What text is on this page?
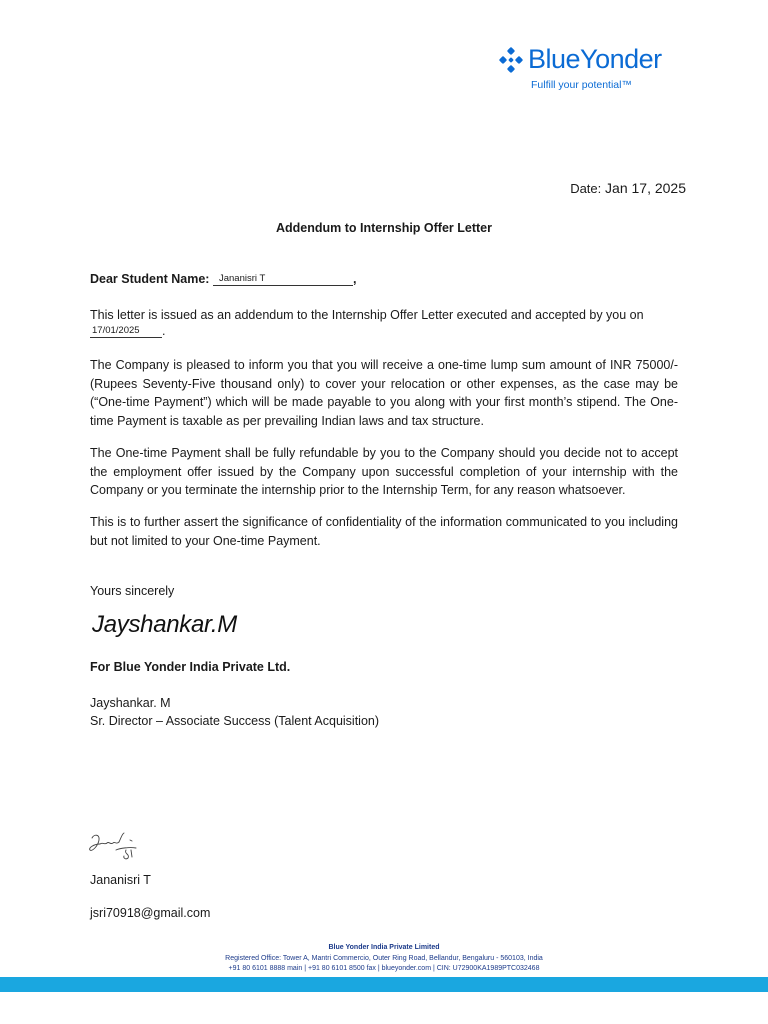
BlueYonder
Fulfill your potential™
Date: Jan 17, 2025
Addendum to Internship Offer Letter
Dear Student Name: Jananisri T	,
This letter is issued as an addendum to the Internship Offer Letter executed and accepted by you on
17/01/2025 .
The Company is pleased to inform you that you will receive a one-time lump sum amount of INR 75000/- (Rupees Seventy-Five thousand only) to cover your relocation or other expenses, as the case may be (“One-time Payment”) which will be made payable to you along with your first month’s stipend. The One-time Payment is taxable as per prevailing Indian laws and tax structure.
The One-time Payment shall be fully refundable by you to the Company should you decide not to accept the employment offer issued by the Company upon successful completion of your internship with the Company or you terminate the internship prior to the Internship Term, for any reason whatsoever.
This is to further assert the significance of confidentiality of the information communicated to you including but not limited to your One-time Payment.
Yours sincerely
Jayshankar.M
For Blue Yonder India Private Ltd.
Jayshankar. M
Sr. Director – Associate Success (Talent Acquisition)
Jananisri T
jsri70918@gmail.com
Blue Yonder India Private Limited
Registered Office: Tower A, Mantri Commercio, Outer Ring Road, Bellandur, Bengaluru - 560103, India
+91 80 6101 8888 main | +91 80 6101 8500 fax | blueyonder.com | CIN: U72900KA1989PTC032468
